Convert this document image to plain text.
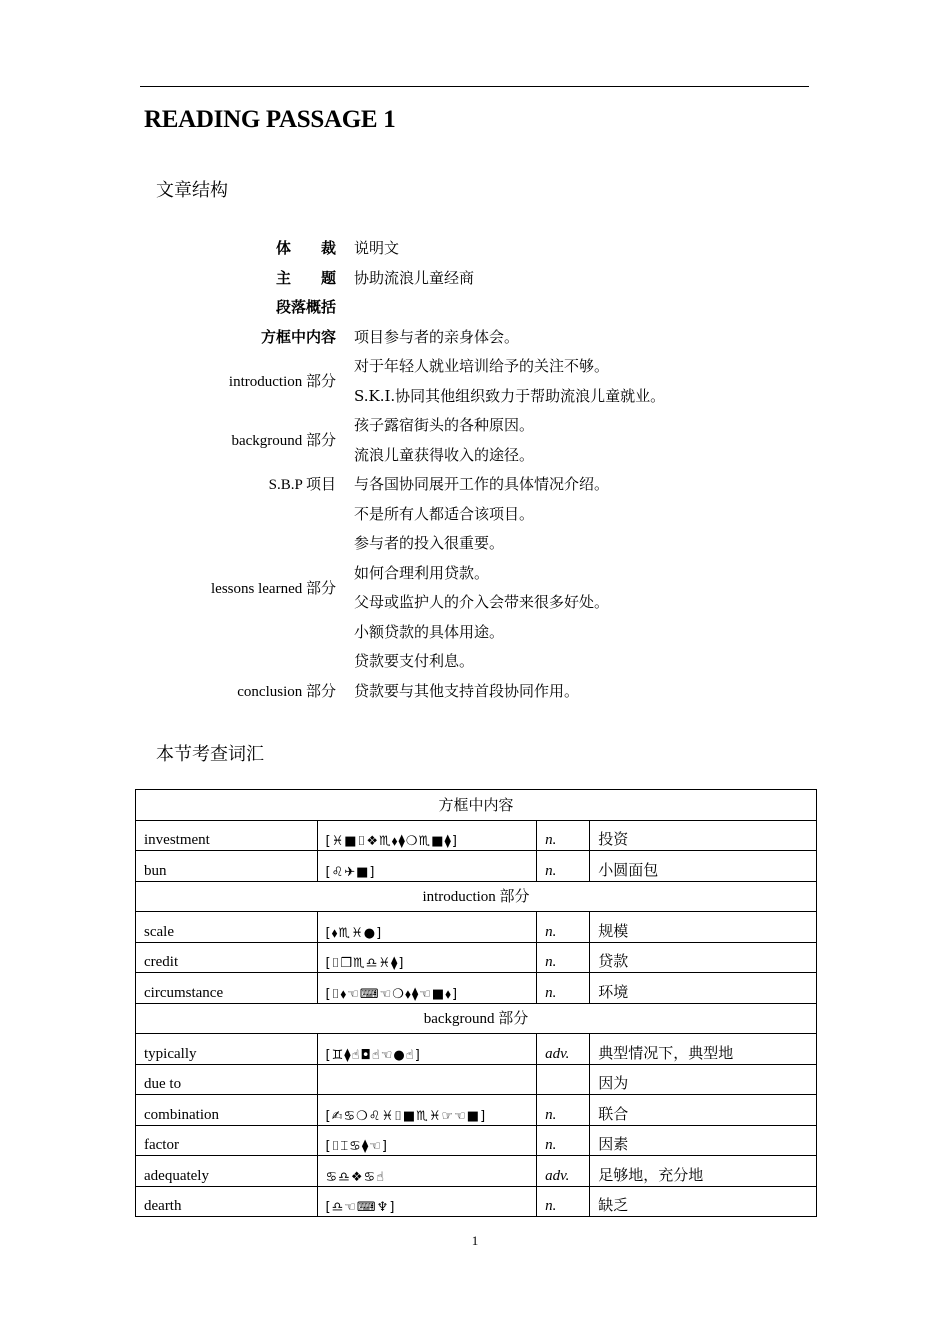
READING PASSAGE 1
文章结构
体　　裁	说明文
主　　题	协助流浪儿童经商
段落概括	
方框中内容	项目参与者的亲身体会。
introduction 部分	对于年轻人就业培训给予的关注不够。
	S.K.I.协同其他组织致力于帮助流浪儿童就业。
background 部分	孩子露宿街头的各种原因。
	流浪儿童获得收入的途径。
S.B.P 项目	与各国协同展开工作的具体情况介绍。
lessons learned 部分	不是所有人都适合该项目。
	参与者的投入很重要。
	如何合理利用贷款。
	父母或监护人的介入会带来很多好处。
	小额贷款的具体用途。
	贷款要支付利息。
conclusion 部分	贷款要与其他支持首段协同作用。
本节考查词汇
方框中内容			
investment	[♓■⌷❖♏⬧⧫❍♏■⧫]	n.	投资
bun	[♌✈■]	n.	小圆面包
introduction 部分			
scale	[⬧♏♓●]	n.	规模
credit	[⌷❒♏♎♓⧫]	n.	贷款
circumstance	[⌷⬧☜⌨☜❍⬧⧫☜■⬧]	n.	环境
background 部分			
typically	[♊⧫☝◘☝☜●☝]	adv.	典型情况下，典型地
due to			因为
combination	[✍♋❍♌♓⌷■♏♓☞☜■]	n.	联合
factor	[⌷⌶♋⧫☜]	n.	因素
adequately	♋♎❖♋☝	adv.	足够地，充分地
dearth	[♎☜⌨♆]	n.	缺乏
1
